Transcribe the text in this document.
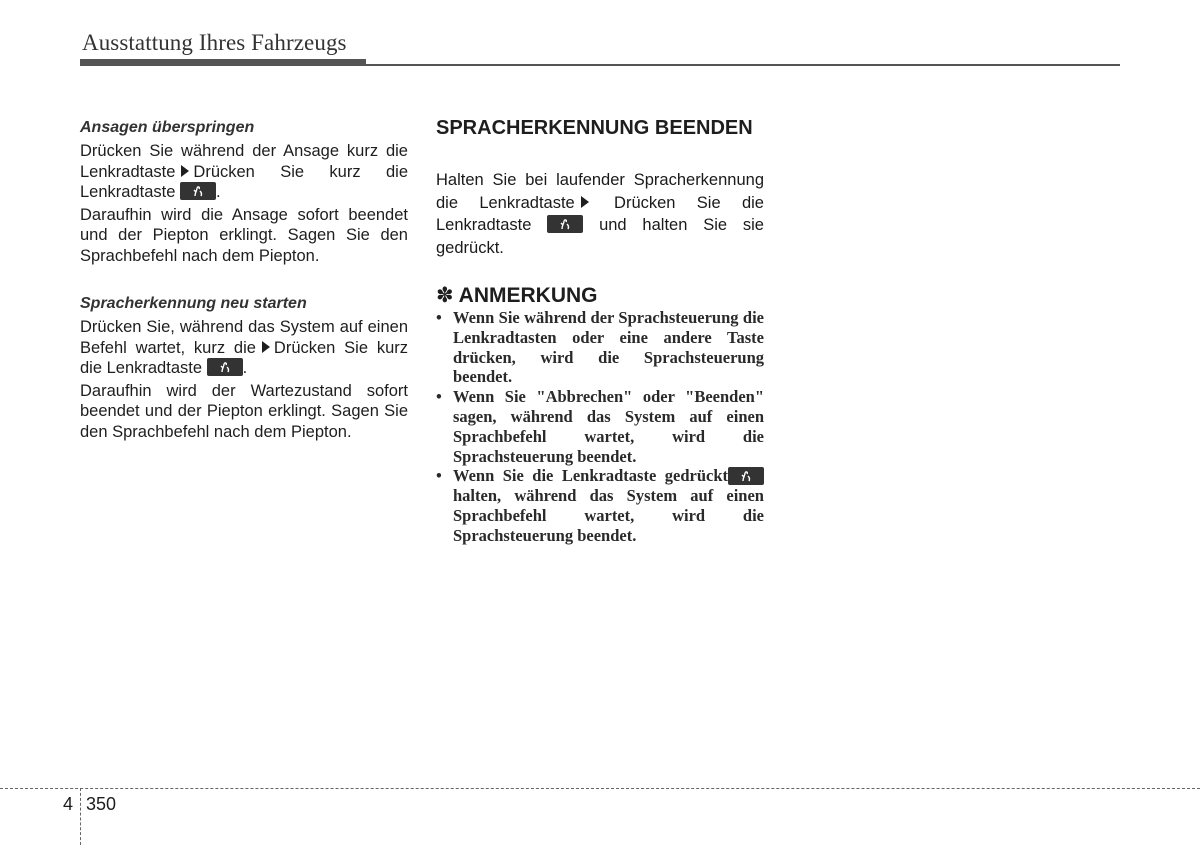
Ausstattung Ihres Fahrzeugs
Ansagen überspringen

Drücken Sie während der Ansage kurz die Lenkradtaste Drücken Sie kurz die Lenkradtaste .

Daraufhin wird die Ansage sofort beendet und der Piepton erklingt. Sagen Sie den Sprachbefehl nach dem Piepton.

Spracherkennung neu starten

Drücken Sie, während das System auf einen Befehl wartet, kurz die Drücken Sie kurz die Lenkradtaste .

Daraufhin wird der Wartezustand sofort beendet und der Piepton erklingt. Sagen Sie den Sprachbefehl nach dem Piepton.

SPRACHERKENNUNG BEENDEN

Halten Sie bei laufender Spracherkennung die Lenkradtaste Drücken Sie die Lenkradtaste	und halten Sie sie gedrückt.

✽ ANMERKUNG
• Wenn Sie während der Sprachsteuerung die Lenkradtasten oder eine andere Taste drücken, wird die Sprachsteuerung beendet.
• Wenn Sie "Abbrechen" oder "Beenden" sagen, während das System auf einen Sprachbefehl wartet, wird die Sprachsteuerung beendet.
• Wenn Sie die Lenkradtaste gedrückt halten, während das System auf einen Sprachbefehl wartet, wird die Sprachsteuerung beendet.
4 350
